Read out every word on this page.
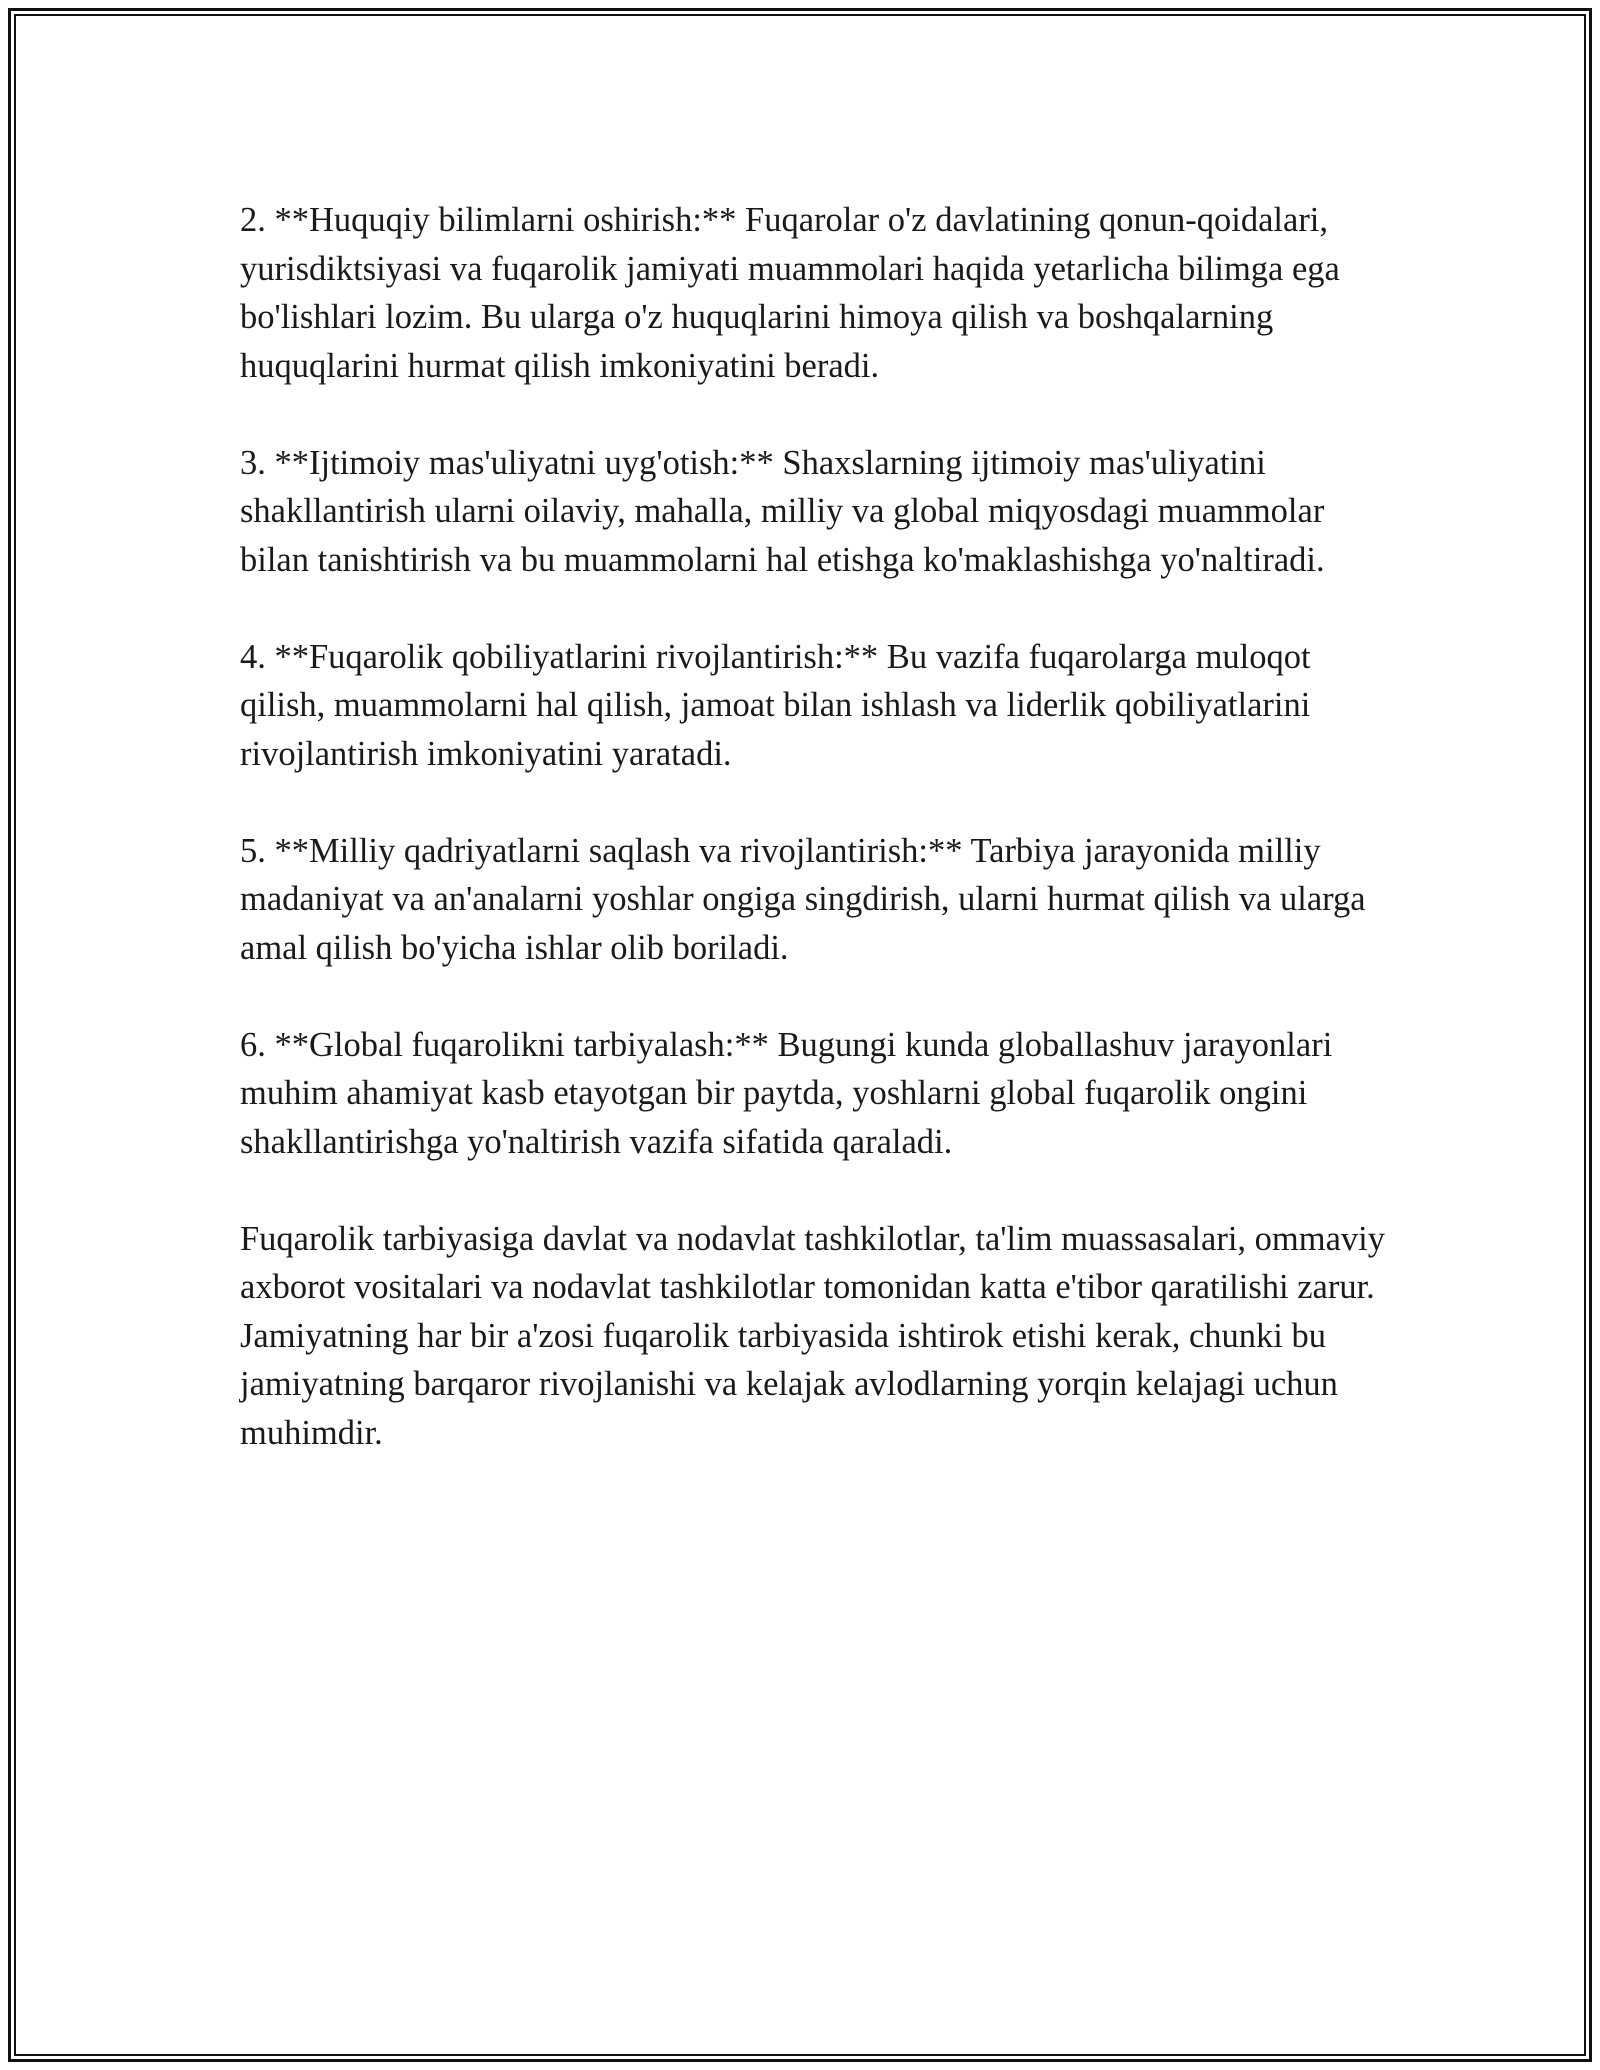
2. **Huquqiy bilimlarni oshirish:** Fuqarolar o'z davlatining qonun-qoidalari, yurisdiktsiyasi va fuqarolik jamiyati muammolari haqida yetarlicha bilimga ega bo'lishlari lozim. Bu ularga o'z huquqlarini himoya qilish va boshqalarning huquqlarini hurmat qilish imkoniyatini beradi.

3. **Ijtimoiy mas'uliyatni uyg'otish:** Shaxslarning ijtimoiy mas'uliyatini shakllantirish ularni oilaviy, mahalla, milliy va global miqyosdagi muammolar bilan tanishtirish va bu muammolarni hal etishga ko'maklashishga yo'naltiradi.

4. **Fuqarolik qobiliyatlarini rivojlantirish:** Bu vazifa fuqarolarga muloqot qilish, muammolarni hal qilish, jamoat bilan ishlash va liderlik qobiliyatlarini rivojlantirish imkoniyatini yaratadi.

5. **Milliy qadriyatlarni saqlash va rivojlantirish:** Tarbiya jarayonida milliy madaniyat va an'analarni yoshlar ongiga singdirish, ularni hurmat qilish va ularga amal qilish bo'yicha ishlar olib boriladi.

6. **Global fuqarolikni tarbiyalash:** Bugungi kunda globallashuv jarayonlari muhim ahamiyat kasb etayotgan bir paytda, yoshlarni global fuqarolik ongini shakllantirishga yo'naltirish vazifa sifatida qaraladi.

Fuqarolik tarbiyasiga davlat va nodavlat tashkilotlar, ta'lim muassasalari, ommaviy axborot vositalari va nodavlat tashkilotlar tomonidan katta e'tibor qaratilishi zarur. Jamiyatning har bir a'zosi fuqarolik tarbiyasida ishtirok etishi kerak, chunki bu jamiyatning barqaror rivojlanishi va kelajak avlodlarning yorqin kelajagi uchun muhimdir.
